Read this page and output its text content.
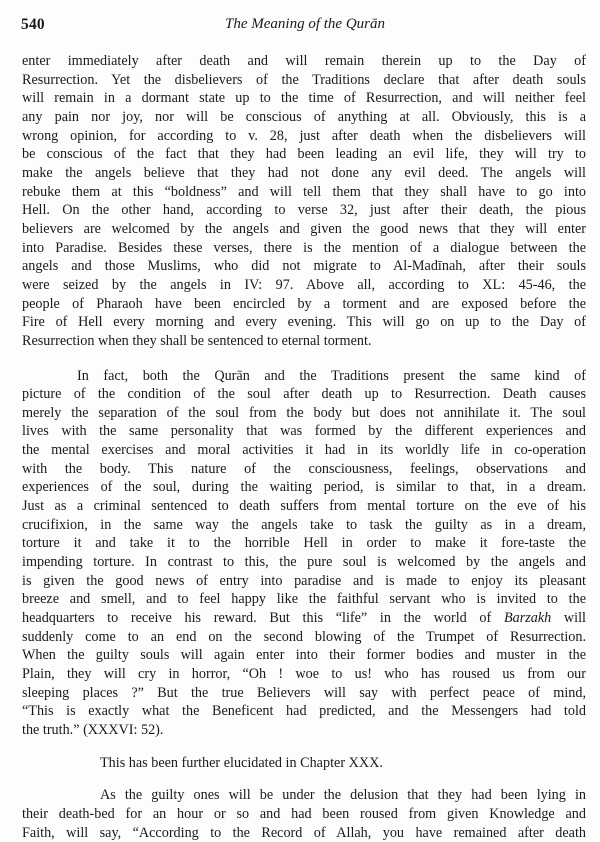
540	The Meaning of the Qurān
enter immediately after death and will remain therein up to the Day of
Resurrection. Yet the disbelievers of the Traditions declare that after death souls
will remain in a dormant state up to the time of Resurrection, and will neither feel
any pain nor joy, nor will be conscious of anything at all. Obviously, this is a
wrong opinion, for according to v. 28, just after death when the disbelievers will
be conscious of the fact that they had been leading an evil life, they will try to
make the angels believe that they had not done any evil deed. The angels will
rebuke them at this “boldness” and will tell them that they shall have to go into
Hell. On the other hand, according to verse 32, just after their death, the pious
believers are welcomed by the angels and given the good news that they will enter
into Paradise. Besides these verses, there is the mention of a dialogue between the
angels and those Muslims, who did not migrate to Al-Madīnah, after their souls
were seized by the angels in IV: 97. Above all, according to XL: 45-46, the
people of Pharaoh have been encircled by a torment and are exposed before the
Fire of Hell every morning and every evening. This will go on up to the Day of
Resurrection when they shall be sentenced to eternal torment.
In fact, both the Qurān and the Traditions present the same kind of
picture of the condition of the soul after death up to Resurrection. Death causes
merely the separation of the soul from the body but does not annihilate it. The soul
lives with the same personality that was formed by the different experiences and
the mental exercises and moral activities it had in its worldly life in co-operation
with the body. This nature of the consciousness, feelings, observations and
experiences of the soul, during the waiting period, is similar to that, in a dream.
Just as a criminal sentenced to death suffers from mental torture on the eve of his
crucifixion, in the same way the angels take to task the guilty as in a dream,
torture it and take it to the horrible Hell in order to make it fore-taste the
impending torture. In contrast to this, the pure soul is welcomed by the angels and
is given the good news of entry into paradise and is made to enjoy its pleasant
breeze and smell, and to feel happy like the faithful servant who is invited to the
headquarters to receive his reward. But this “life” in the world of Barzakh will
suddenly come to an end on the second blowing of the Trumpet of Resurrection.
When the guilty souls will again enter into their former bodies and muster in the
Plain, they will cry in horror, “Oh ! woe to us! who has roused us from our
sleeping places ?” But the true Believers will say with perfect peace of mind,
“This is exactly what the Beneficent had predicted, and the Messengers had told
the truth.” (XXXVI: 52).
This has been further elucidated in Chapter XXX.
As the guilty ones will be under the delusion that they had been lying in
their death-bed for an hour or so and had been roused from given Knowledge and
Faith, will say, “According to the Record of Allah, you have remained after death
